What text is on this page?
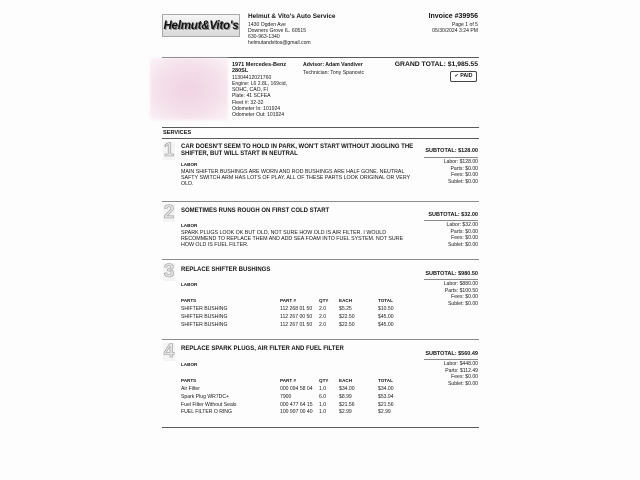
Helmut&Vito's
Helmut & Vito's Auto Service
1430 Ogden Ave
Downers Grove IL. 60515
630-963-1340
helmutandvitos@gmail.com
Invoice #39956
Page 1 of 5
05/30/2024 3:24 PM
1971 Mercedes-Benz
280SL
11304412021760
Engine: L6 2.8L, 169cid,
SOHC, CAO, FI
Plate: 41 SCFEA
Fleet #: 32-32
Odometer In: 101924
Odometer Out: 101924
Advisor: Adam Vandiver
Technician: Tony Spanovic
GRAND TOTAL: $1,985.55
✔ PAID
SERVICES
1 CAR DOESN'T SEEM TO HOLD IN PARK, WON'T START WITHOUT JIGGLING THE SHIFTER, BUT WILL START IN NEUTRAL	SUBTOTAL: $128.00
LABOR
MAIN SHIFTER BUSHINGS ARE WORN AND ROD BUSHINGS ARE HALF GONE. NEUTRAL SAFTY SWITCH ARM HAS LOTS OF PLAY. ALL OF THESE PARTS LOOK ORIGINAL OR VERY OLD.
Labor: $128.00
Parts: $0.00
Fees: $0.00
Sublet: $0.00
2 SOMETIMES RUNS ROUGH ON FIRST COLD START
SUBTOTAL: $32.00
LABOR
SPARK PLUGS LOOK OK BUT OLD, NOT SURE HOW OLD IS AIR FILTER. I WOULD RECOMMEND TO REPLACE THEM AND ADD SEA FOAM INTO FUEL SYSTEM. NOT SURE HOW OLD IS FUEL FILTER.
Labor: $32.00
Parts: $0.00
Fees: $0.00
Sublet: $0.00
3 REPLACE SHIFTER BUSHINGS
SUBTOTAL: $980.50
LABOR	Labor: $880.00
Parts: $100.50
Fees: $0.00
Sublet: $0.00
PARTS	PART #	QTY EACH	TOTAL
SHIFTER BUSHING	112 268 01 50 2.0	$5.25	$10.50
SHIFTER BUSHING	112 267 00 50 2.0	$22.50	$45.00
SHIFTER BUSHING	112 267 01 50 2.0	$22.50	$45.00
4 REPLACE SPARK PLUGS, AIR FILTER AND FUEL FILTER
SUBTOTAL: $560.49
LABOR	Labor: $448.00
Parts: $112.49
Fees: $0.00
Sublet: $0.00
PARTS	PART #	QTY EACH	TOTAL
Air Filter	000 094 58 04 1.0	$34.00	$34.00
Spark Plug WR7DC+	7900	6.0	$8.99	$53.94
Fuel Filter Without Seals	000 477 64 15 1.0	$21.56	$21.56
FUEL FILTER O RING	100 997 00 40 1.0	$2.99	$2.99
